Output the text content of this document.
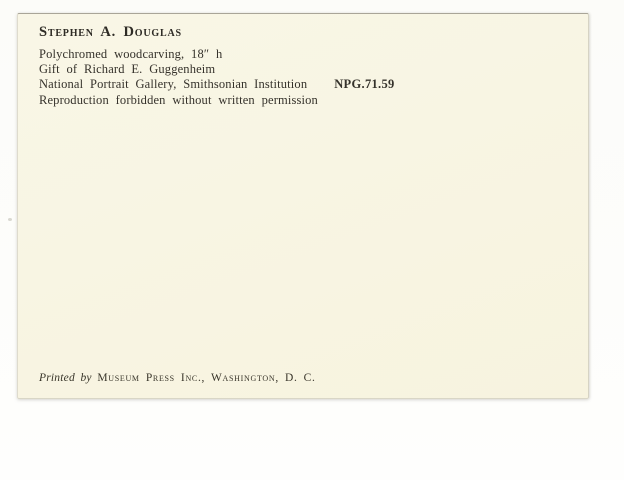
Stephen A. Douglas
Polychromed woodcarving, 18″ h
Gift of Richard E. Guggenheim
National Portrait Gallery, Smithsonian Institution NPG.71.59
Reproduction forbidden without written permission
Printed by Museum Press Inc., Washington, D. C.
